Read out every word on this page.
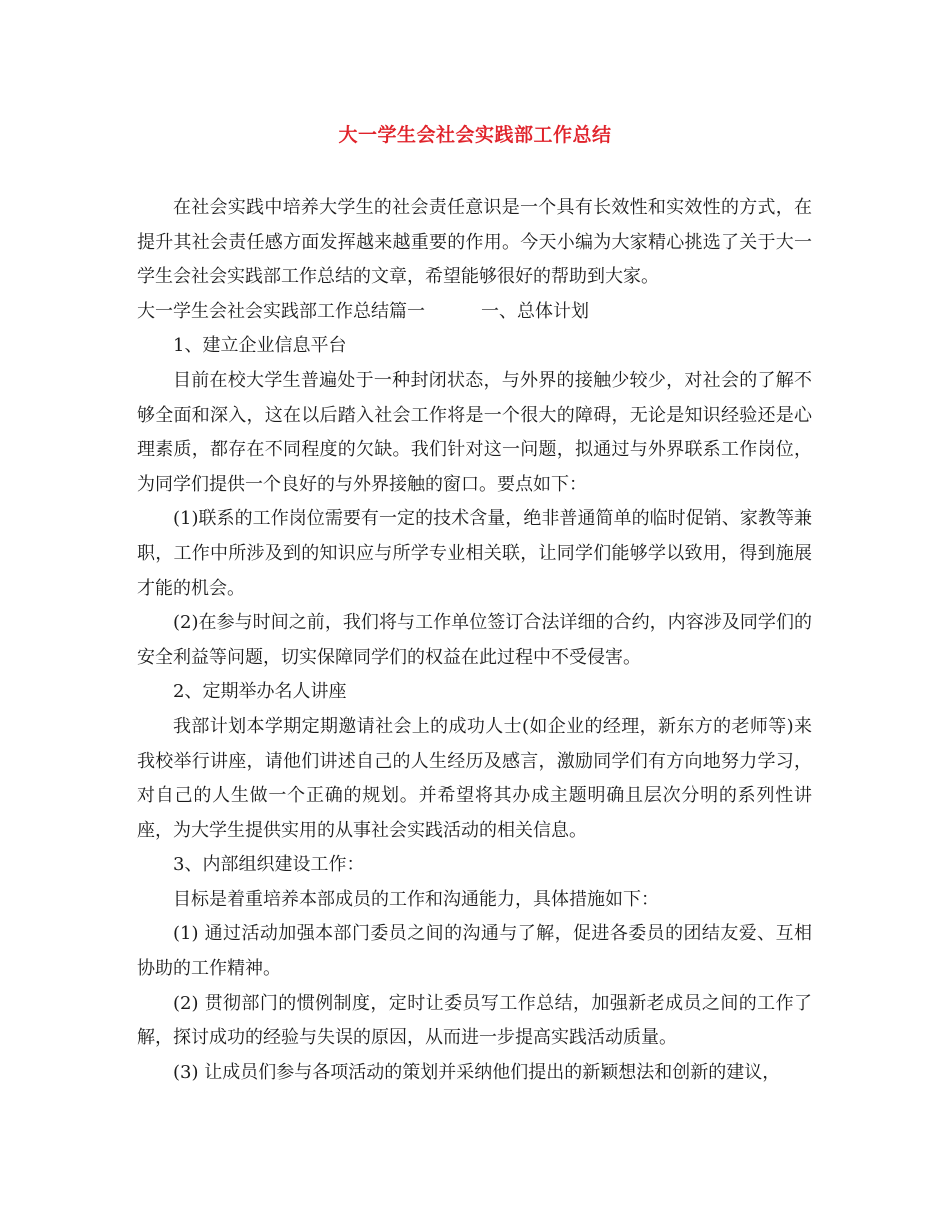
大一学生会社会实践部工作总结

在社会实践中培养大学生的社会责任意识是一个具有长效性和实效性的方式，在提升其社会责任感方面发挥越来越重要的作用。今天小编为大家精心挑选了关于大一学生会社会实践部工作总结的文章，希望能够很好的帮助到大家。

大一学生会社会实践部工作总结篇一	一、总体计划

1、建立企业信息平台

目前在校大学生普遍处于一种封闭状态，与外界的接触少较少，对社会的了解不够全面和深入，这在以后踏入社会工作将是一个很大的障碍，无论是知识经验还是心理素质，都存在不同程度的欠缺。我们针对这一问题，拟通过与外界联系工作岗位，为同学们提供一个良好的与外界接触的窗口。要点如下：

(1)联系的工作岗位需要有一定的技术含量，绝非普通简单的临时促销、家教等兼职，工作中所涉及到的知识应与所学专业相关联，让同学们能够学以致用，得到施展才能的机会。

(2)在参与时间之前，我们将与工作单位签订合法详细的合约，内容涉及同学们的安全利益等问题，切实保障同学们的权益在此过程中不受侵害。

2、定期举办名人讲座

我部计划本学期定期邀请社会上的成功人士(如企业的经理，新东方的老师等)来我校举行讲座，请他们讲述自己的人生经历及感言，激励同学们有方向地努力学习，对自己的人生做一个正确的规划。并希望将其办成主题明确且层次分明的系列性讲座，为大学生提供实用的从事社会实践活动的相关信息。

3、内部组织建设工作：

目标是着重培养本部成员的工作和沟通能力，具体措施如下：

(1) 通过活动加强本部门委员之间的沟通与了解，促进各委员的团结友爱、互相协助的工作精神。

(2) 贯彻部门的惯例制度，定时让委员写工作总结，加强新老成员之间的工作了解，探讨成功的经验与失误的原因，从而进一步提高实践活动质量。

(3) 让成员们参与各项活动的策划并采纳他们提出的新颖想法和创新的建议，
